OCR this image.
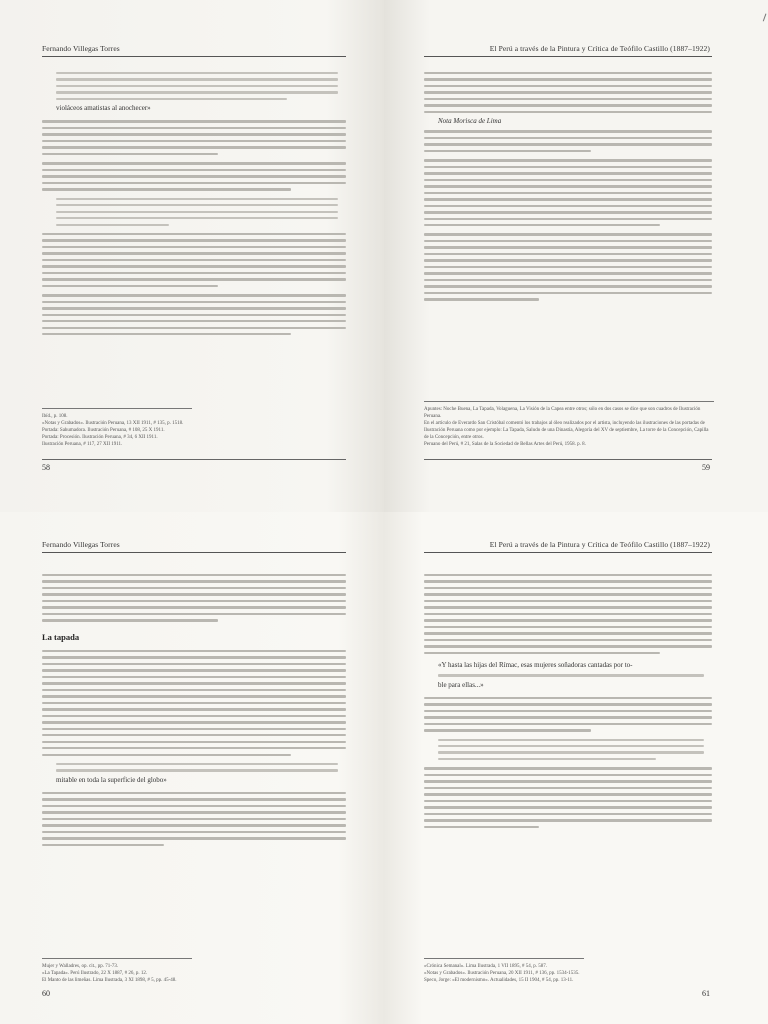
Fernando Villegas Torres
violáceos amatistas al anochecer»
Ibíd., p. 108.
«Notas y Grabados». Ilustración Peruana, 13 XII 1911, # 135, p. 1518.
Portada: Sahumadora. Ilustración Peruana, # 108, 25 X 1911.
Portada: Procesión. Ilustración Peruana, # 34, 6 XII 1911.
Ilustración Peruana, # 117, 27 XII 1911.
58
El Perú a través de la Pintura y Crítica de Teófilo Castillo (1887–1922)
Nota Morisca de Lima
Apuntes: Noche Buena, La Tapada, Volaguena, La Visión de la Capea entre otros; sólo en dos casos se dice que son cuadros de Ilustración Peruana.
En el artículo de Everardo San Cristóbal comentó los trabajos al óleo realizados por el artista, incluyendo las ilustraciones de las portadas de Ilustración Peruana como por ejemplo: La Tapada, Saludo de una Dinastía, Alegoría del XV de septiembre, La torre de la Concepción, Capilla de la Concepción, entre otros.
Peruano del Perú, # 21, Salas de la Sociedad de Bellas Artes del Perú, 1958. p. 8.
59
Fernando Villegas Torres
La tapada
mitable en toda la superficie del globo»
Mujer y Walladres, op. cit., pp. 71-73.
«La Tapada». Perú Ilustrado, 22 X 1887, # 26, p. 12.
El Manto de las limeñas. Lima Ilustrada, 3 XI 1898, # 5, pp. 45-48.
60
El Perú a través de la Pintura y Crítica de Teófilo Castillo (1887–1922)
«Y hasta las hijas del Rímac, esas mujeres soñadoras cantadas por to-
ble para ellas...»
«Crónica Semanal». Lima Ilustrada, 1 VII 1895, # 54, p. 587.
«Notas y Grabados». Ilustración Peruana, 20 XII 1911, # 136, pp. 1534-1535.
Speco, Jorge: «El modernismo». Actualidades, 15 II 1904, # 54, pp. 13-11.
61
